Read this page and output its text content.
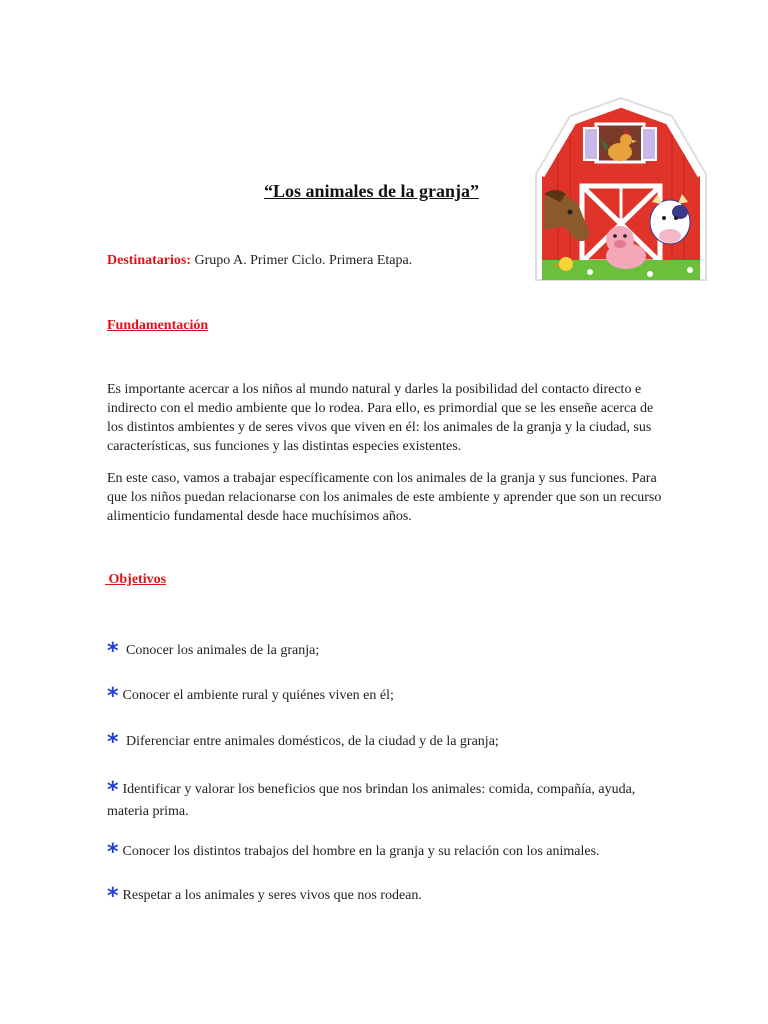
“Los animales de la granja”
Destinatarios: Grupo A. Primer Ciclo. Primera Etapa.
Fundamentación
Es importante acercar a los niños al mundo natural y darles la posibilidad del contacto directo e indirecto con el medio ambiente que lo rodea. Para ello, es primordial que se les enseñe acerca de los distintos ambientes y de seres vivos que viven en él: los animales de la granja y la ciudad, sus características, sus funciones y las distintas especies existentes.
En este caso, vamos a trabajar específicamente con los animales de la granja y sus funciones. Para que los niños puedan relacionarse con los animales de este ambiente y aprender que son un recurso alimenticio fundamental desde hace muchísimos años.
Objetivos
* Conocer los animales de la granja;
* Conocer el ambiente rural y quiénes viven en él;
* Diferenciar entre animales domésticos, de la ciudad y de la granja;
* Identificar y valorar los beneficios que nos brindan los animales: comida, compañía, ayuda, materia prima.
* Conocer los distintos trabajos del hombre en la granja y su relación con los animales.
* Respetar a los animales y seres vivos que nos rodean.
